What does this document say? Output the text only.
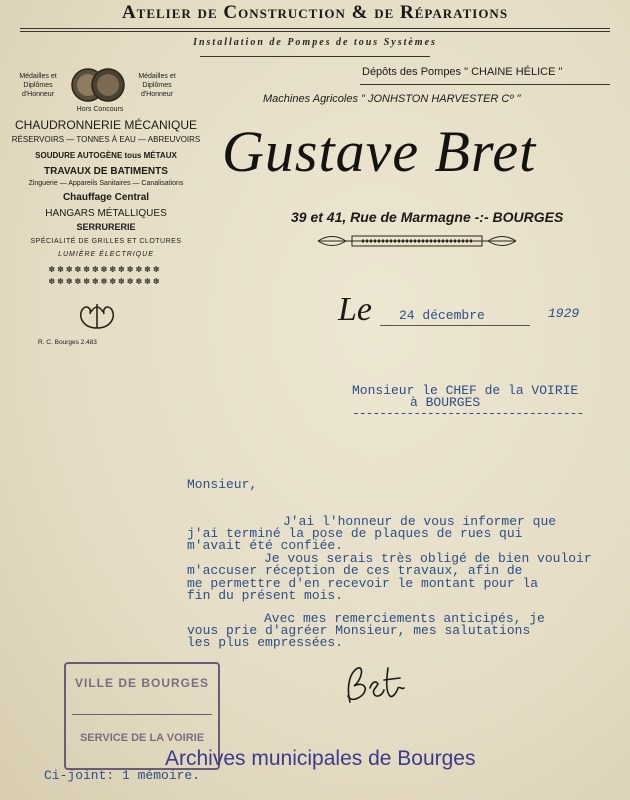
Atelier de Construction & de Réparations
Installation de Pompes de tous Systèmes
Médailles et Diplômes d'Honneur
Médailles et Diplômes d'Honneur
Hors Concours
CHAUDRONNERIE MÉCANIQUE
RÉSERVOIRS — TONNES À EAU — ABREUVOIRS
SOUDURE AUTOGÈNE tous MÉTAUX
TRAVAUX DE BATIMENTS
Zinguerie — Appareils Sanitaires — Canalisations
Chauffage Central
HANGARS MÉTALLIQUES
SERRURERIE
SPÉCIALITÉ DE GRILLES ET CLOTURES
LUMIÈRE ÉLECTRIQUE
✽✽✽✽✽✽✽✽✽✽✽✽✽
✽✽✽✽✽✽✽✽✽✽✽✽✽
R. C. Bourges 2.483
Dépôts des Pompes " CHAINE HÉLICE "
Machines Agricoles " JONHSTON HARVESTER Cº "
Gustave Bret
39 et 41, Rue de Marmagne -:- BOURGES
Le 24 décembre	1929
Monsieur le CHEF de la VOIRIE
à BOURGES
----------------------------------
Monsieur,
J'ai l'honneur de vous informer que
j'ai terminé la pose de plaques de rues qui
m'avait été confiée.
Je vous serais très obligé de bien vouloir
m'accuser réception de ces travaux, afin de
me permettre d'en recevoir le montant pour la
fin du présent mois.
Avec mes remerciements anticipés, je
vous prie d'agréer Monsieur, mes salutations
les plus empressées.
VILLE DE BOURGES
SERVICE DE LA VOIRIE
Ci-joint: 1 mémoire.
Archives municipales de Bourges
